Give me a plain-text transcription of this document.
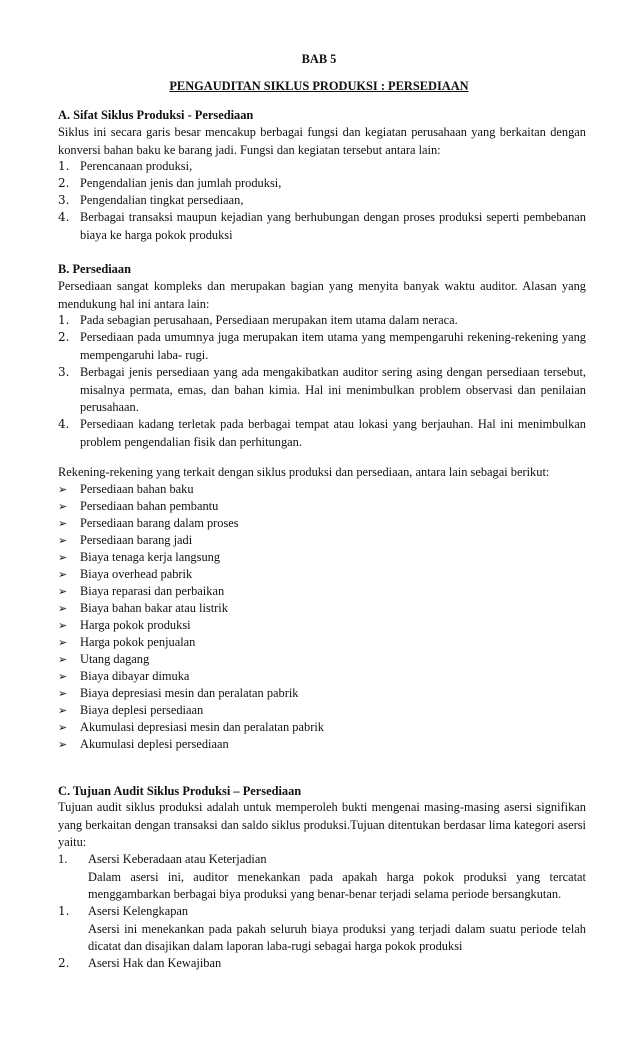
BAB 5
PENGAUDITAN SIKLUS PRODUKSI : PERSEDIAAN
A. Sifat Siklus Produksi - Persediaan
Siklus ini secara garis besar mencakup berbagai fungsi dan kegiatan perusahaan yang berkaitan dengan konversi bahan baku ke barang jadi. Fungsi dan kegiatan tersebut antara lain:
1. Perencanaan produksi,
2. Pengendalian jenis dan jumlah produksi,
3. Pengendalian tingkat persediaan,
4. Berbagai transaksi maupun kejadian yang berhubungan dengan proses produksi seperti pembebanan biaya ke harga pokok produksi
B. Persediaan
Persediaan sangat kompleks dan merupakan bagian yang menyita banyak waktu auditor. Alasan yang mendukung hal ini antara lain:
1. Pada sebagian perusahaan, Persediaan merupakan item utama dalam neraca.
2. Persediaan pada umumnya juga merupakan item utama yang mempengaruhi rekening-rekening yang mempengaruhi laba- rugi.
3. Berbagai jenis persediaan yang ada mengakibatkan auditor sering asing dengan persediaan tersebut, misalnya permata, emas, dan bahan kimia. Hal ini menimbulkan problem observasi dan penilaian perusahaan.
4. Persediaan kadang terletak pada berbagai tempat atau lokasi yang berjauhan. Hal ini menimbulkan problem pengendalian fisik dan perhitungan.
Rekening-rekening yang terkait dengan siklus produksi dan persediaan, antara lain sebagai berikut:
➢ Persediaan bahan baku
➢ Persediaan bahan pembantu
➢ Persediaan barang dalam proses
➢ Persediaan barang jadi
➢ Biaya tenaga kerja langsung
➢ Biaya overhead pabrik
➢ Biaya reparasi dan perbaikan
➢ Biaya bahan bakar atau listrik
➢ Harga pokok produksi
➢ Harga pokok penjualan
➢ Utang dagang
➢ Biaya dibayar dimuka
➢ Biaya depresiasi mesin dan peralatan pabrik
➢ Biaya deplesi persediaan
➢ Akumulasi depresiasi mesin dan peralatan pabrik
➢ Akumulasi deplesi persediaan
C. Tujuan Audit Siklus Produksi – Persediaan
Tujuan audit siklus produksi adalah untuk memperoleh bukti mengenai masing-masing asersi signifikan yang berkaitan dengan transaksi dan saldo siklus produksi.Tujuan ditentukan berdasar lima kategori asersi yaitu:
1.	Asersi Keberadaan atau Keterjadian
Dalam asersi ini, auditor menekankan pada apakah harga pokok produksi yang tercatat menggambarkan berbagai biya produksi yang benar-benar terjadi selama periode bersangkutan.
1.	Asersi Kelengkapan
Asersi ini menekankan pada pakah seluruh biaya produksi yang terjadi dalam suatu periode telah dicatat dan disajikan dalam laporan laba-rugi sebagai harga pokok produksi
2.	Asersi Hak dan Kewajiban
